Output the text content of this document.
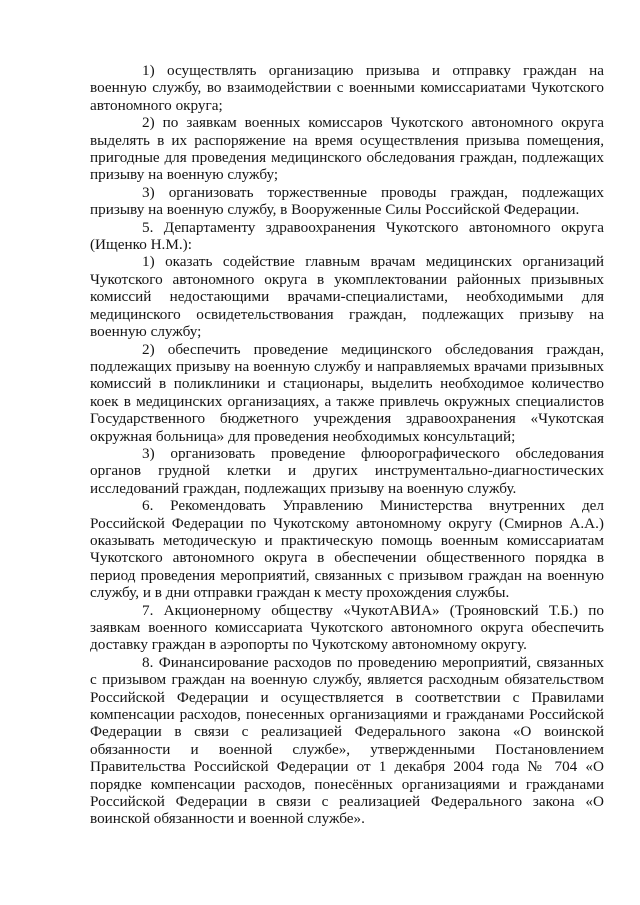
1) осуществлять организацию призыва и отправку граждан на военную службу, во взаимодействии с военными комиссариатами Чукотского автономного округа;

2) по заявкам военных комиссаров Чукотского автономного округа выделять в их распоряжение на время осуществления призыва помещения, пригодные для проведения медицинского обследования граждан, подлежащих призыву на военную службу;

3) организовать торжественные проводы граждан, подлежащих призыву на военную службу, в Вооруженные Силы Российской Федерации.

5. Департаменту здравоохранения Чукотского автономного округа (Ищенко Н.М.):

1) оказать содействие главным врачам медицинских организаций Чукотского автономного округа в укомплектовании районных призывных комиссий недостающими врачами-специалистами, необходимыми для медицинского освидетельствования граждан, подлежащих призыву на военную службу;

2) обеспечить проведение медицинского обследования граждан, подлежащих призыву на военную службу и направляемых врачами призывных комиссий в поликлиники и стационары, выделить необходимое количество коек в медицинских организациях, а также привлечь окружных специалистов Государственного бюджетного учреждения здравоохранения «Чукотская окружная больница» для проведения необходимых консультаций;

3) организовать проведение флюорографического обследования органов грудной клетки и других инструментально-диагностических исследований граждан, подлежащих призыву на военную службу.

6. Рекомендовать Управлению Министерства внутренних дел Российской Федерации по Чукотскому автономному округу (Смирнов А.А.) оказывать методическую и практическую помощь военным комиссариатам Чукотского автономного округа в обеспечении общественного порядка в период проведения мероприятий, связанных с призывом граждан на военную службу, и в дни отправки граждан к месту прохождения службы.

7. Акционерному обществу «ЧукотАВИА» (Трояновский Т.Б.) по заявкам военного комиссариата Чукотского автономного округа обеспечить доставку граждан в аэропорты по Чукотскому автономному округу.

8. Финансирование расходов по проведению мероприятий, связанных с призывом граждан на военную службу, является расходным обязательством Российской Федерации и осуществляется в соответствии с Правилами компенсации расходов, понесенных организациями и гражданами Российской Федерации в связи с реализацией Федерального закона «О воинской обязанности и военной службе», утвержденными Постановлением Правительства Российской Федерации от 1 декабря 2004 года № 704 «О порядке компенсации расходов, понесённых организациями и гражданами Российской Федерации в связи с реализацией Федерального закона «О воинской обязанности и военной службе».
